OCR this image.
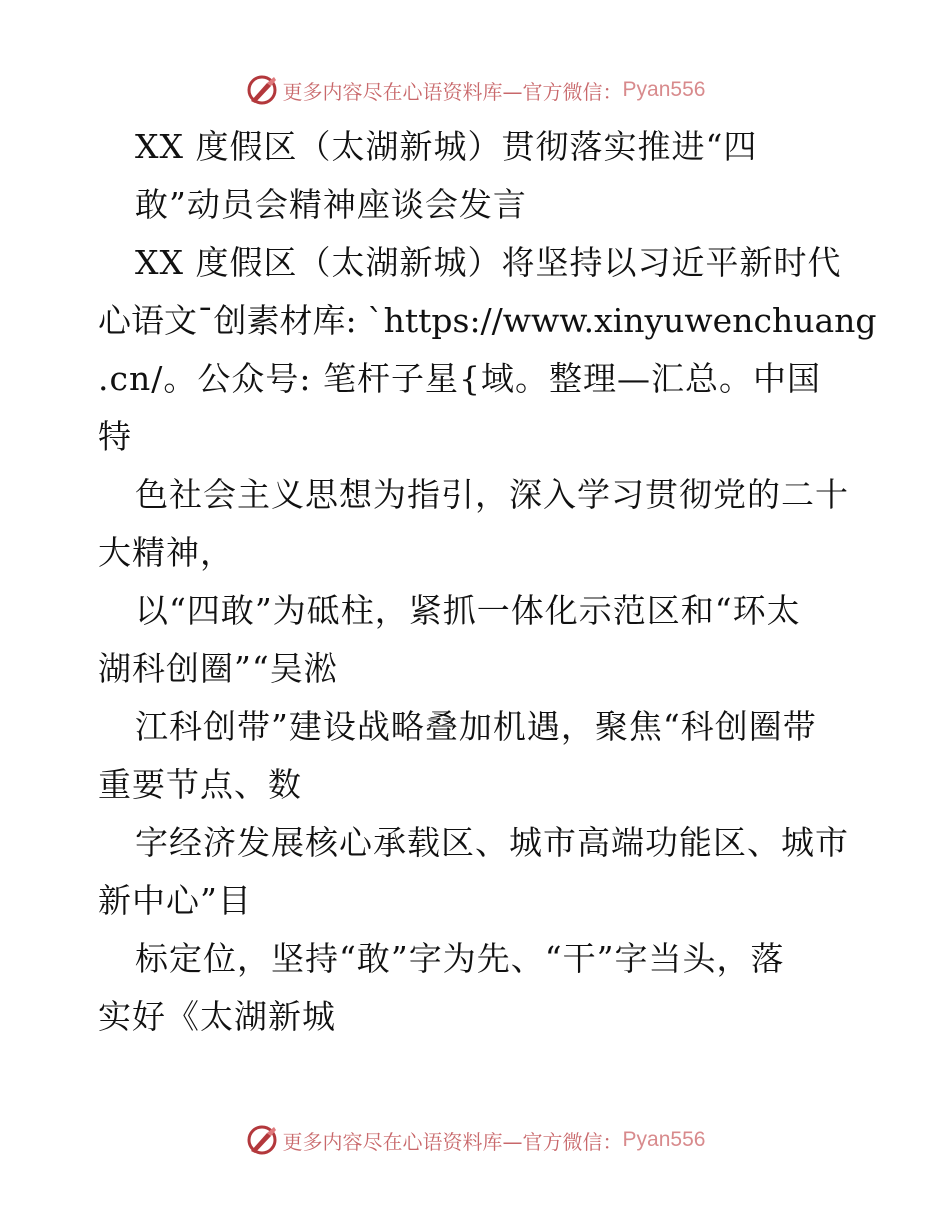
更多内容尽在心语资料库—官方微信： Pyan556
XX 度假区（太湖新城）贯彻落实推进“四
敢”动员会精神座谈会发言
XX 度假区（太湖新城）将坚持以习近平新时代
心语文¯创素材库: `https://www.xinyuwenchuang
.cn/。公众号: 笔杆子星{域。整理—汇总。中国
特
色社会主义思想为指引，深入学习贯彻党的二十
大精神，
以“四敢”为砥柱，紧抓一体化示范区和“环太
湖科创圈”“吴淞
江科创带”建设战略叠加机遇，聚焦“科创圈带
重要节点、数
字经济发展核心承载区、城市高端功能区、城市
新中心”目
标定位，坚持“敢”字为先、“干”字当头，落
实好《太湖新城
更多内容尽在心语资料库—官方微信： Pyan556
